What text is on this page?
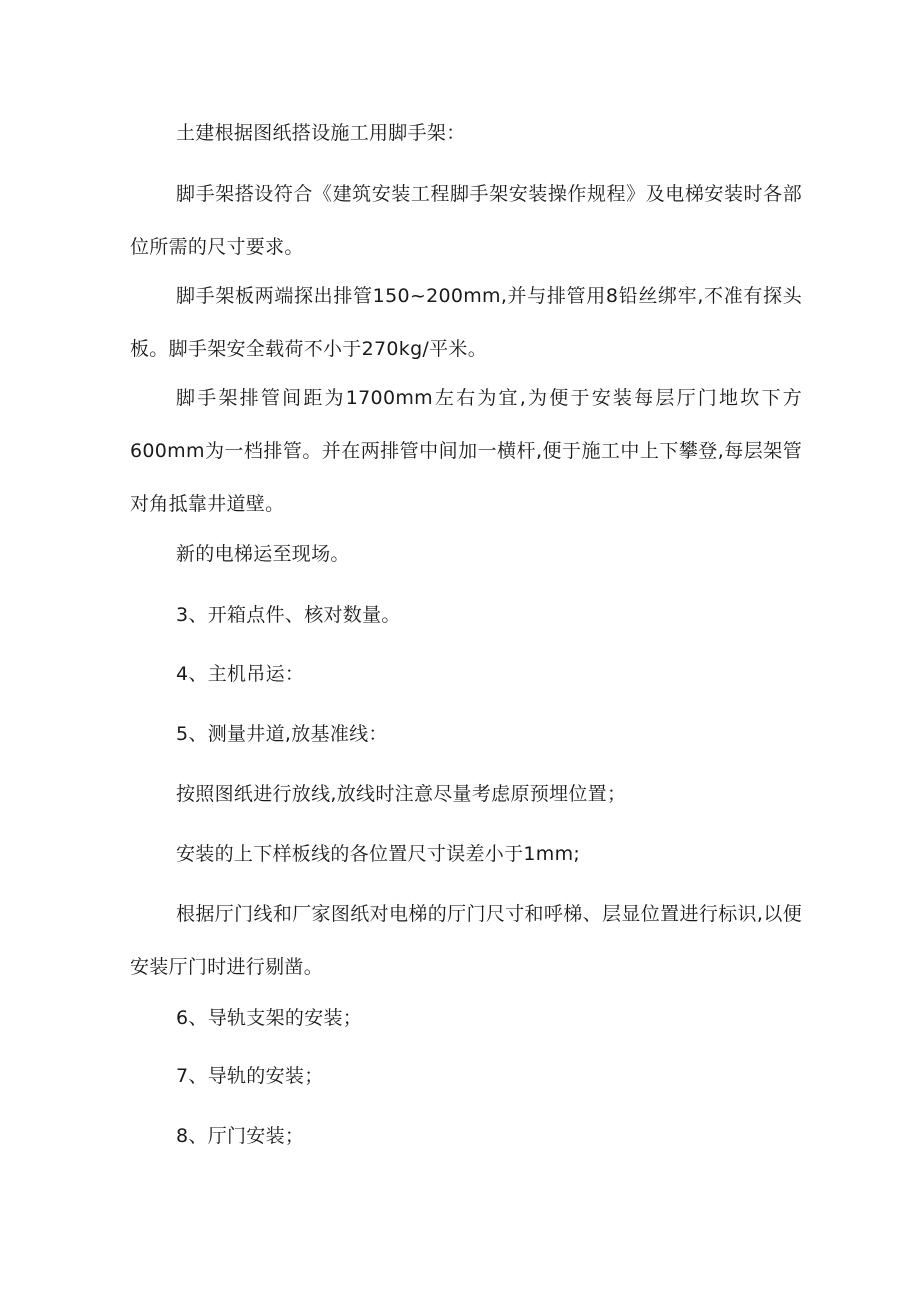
土建根据图纸搭设施工用脚手架：

脚手架搭设符合《建筑安装工程脚手架安装操作规程》及电梯安装时各部位所需的尺寸要求。

脚手架板两端探出排管150~200mm,并与排管用8铅丝绑牢,不准有探头板。脚手架安全载荷不小于270kg/平米。

脚手架排管间距为1700mm左右为宜,为便于安装每层厅门地坎下方600mm为一档排管。并在两排管中间加一横杆,便于施工中上下攀登,每层架管对角抵靠井道壁。

新的电梯运至现场。

3、开箱点件、核对数量。

4、主机吊运：

5、测量井道,放基准线：

按照图纸进行放线,放线时注意尽量考虑原预埋位置；

安装的上下样板线的各位置尺寸误差小于1mm;

根据厅门线和厂家图纸对电梯的厅门尺寸和呼梯、层显位置进行标识,以便安装厅门时进行剔凿。

6、导轨支架的安装；

7、导轨的安装；

8、厅门安装；
